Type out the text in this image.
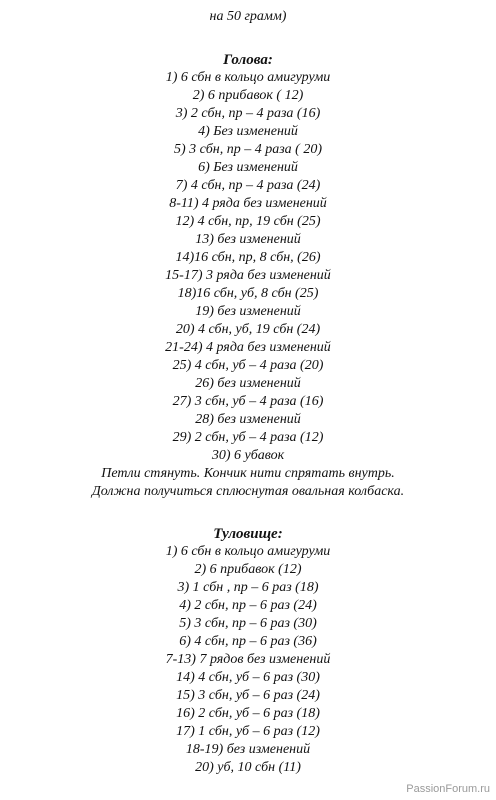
на 50 грамм)
Голова:
1) 6 сбн в кольцо амигуруми
2) 6 прибавок ( 12)
3) 2 сбн, пр – 4 раза (16)
4) Без изменений
5) 3 сбн, пр – 4 раза ( 20)
6) Без изменений
7) 4 сбн, пр – 4 раза (24)
8-11) 4 ряда без изменений
12) 4 сбн, пр, 19 сбн (25)
13) без изменений
14)16 сбн, пр, 8 сбн, (26)
15-17) 3 ряда без изменений
18)16 сбн, уб, 8 сбн (25)
19) без изменений
20) 4 сбн, уб, 19 сбн (24)
21-24) 4 ряда без изменений
25) 4 сбн, уб – 4 раза (20)
26) без изменений
27) 3 сбн, уб – 4 раза (16)
28) без изменений
29) 2 сбн, уб – 4 раза (12)
30) 6 убавок
Петли стянуть. Кончик нити спрятать внутрь.
Должна получиться сплюснутая овальная колбаска.
Туловище:
1) 6 сбн в кольцо амигуруми
2) 6 прибавок (12)
3) 1 сбн , пр – 6 раз (18)
4) 2 сбн, пр – 6 раз (24)
5) 3 сбн, пр – 6 раз (30)
6) 4 сбн, пр – 6 раз (36)
7-13) 7 рядов без изменений
14) 4 сбн, уб – 6 раз (30)
15) 3 сбн, уб – 6 раз (24)
16) 2 сбн, уб – 6 раз (18)
17) 1 сбн, уб – 6 раз (12)
18-19) без изменений
20) уб, 10 сбн (11)
PassionForum.ru
